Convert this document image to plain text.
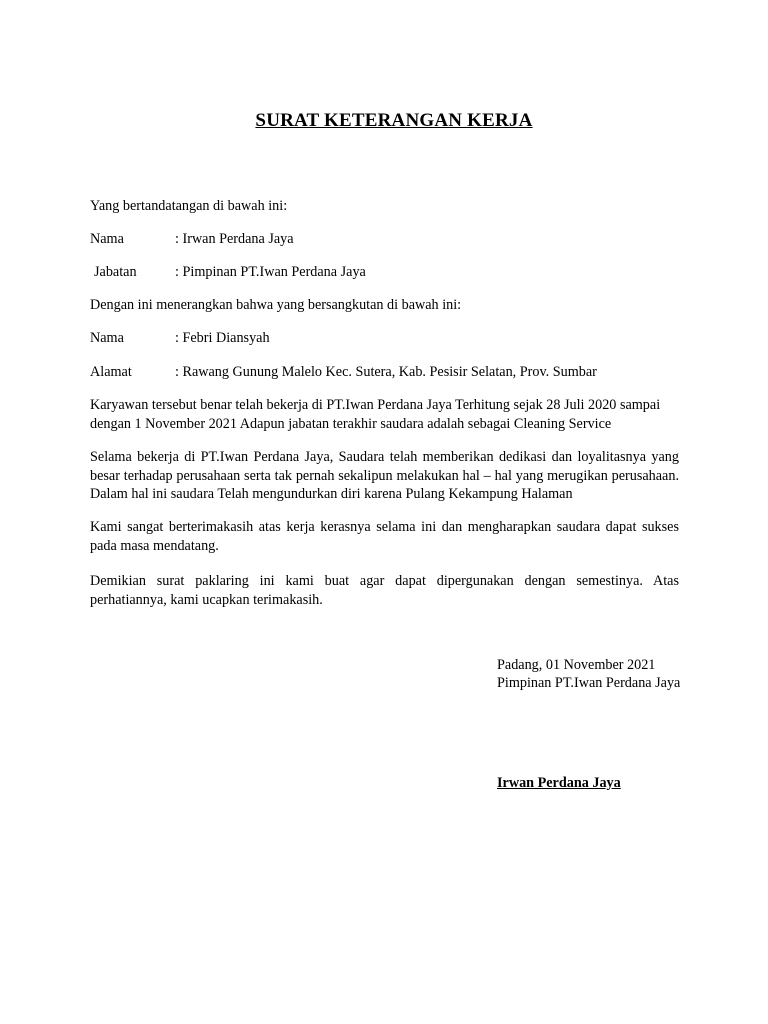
SURAT KETERANGAN KERJA
Yang bertandatangan di bawah ini:
Nama	: Irwan Perdana Jaya
Jabatan	: Pimpinan PT.Iwan Perdana Jaya
Dengan ini menerangkan bahwa yang bersangkutan di bawah ini:
Nama	: Febri Diansyah
Alamat	: Rawang Gunung Malelo Kec. Sutera, Kab. Pesisir Selatan, Prov. Sumbar
Karyawan tersebut benar telah bekerja di PT.Iwan Perdana Jaya Terhitung sejak 28 Juli 2020 sampai dengan 1 November 2021 Adapun jabatan terakhir saudara adalah sebagai Cleaning Service
Selama bekerja di PT.Iwan Perdana Jaya, Saudara telah memberikan dedikasi dan loyalitasnya yang besar terhadap perusahaan serta tak pernah sekalipun melakukan hal – hal yang merugikan perusahaan. Dalam hal ini saudara Telah mengundurkan diri karena Pulang Kekampung Halaman
Kami sangat berterimakasih atas kerja kerasnya selama ini dan mengharapkan saudara dapat sukses pada masa mendatang.
Demikian surat paklaring ini kami buat agar dapat dipergunakan dengan semestinya. Atas perhatiannya, kami ucapkan terimakasih.
Padang, 01 November 2021
Pimpinan PT.Iwan Perdana Jaya
Irwan Perdana Jaya
